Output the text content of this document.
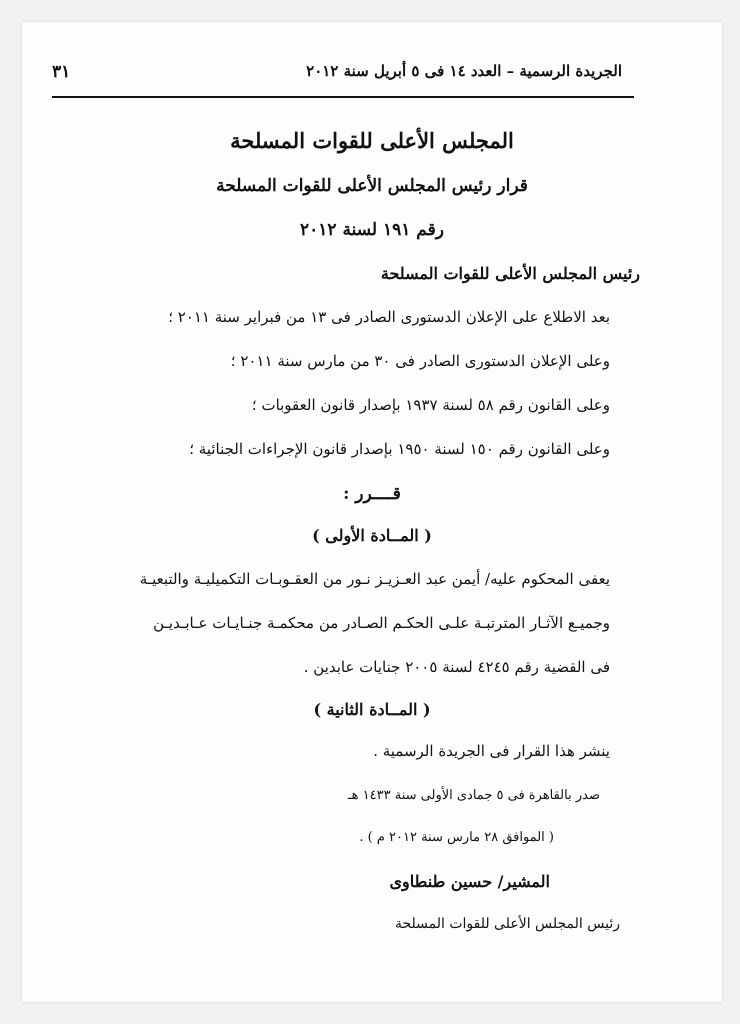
٣١	الجريدة الرسمية – العدد ١٤ فى ٥ أبريل سنة ٢٠١٢
المجلس الأعلى للقوات المسلحة
قرار رئيس المجلس الأعلى للقوات المسلحة
رقم ١٩١ لسنة ٢٠١٢
رئيس المجلس الأعلى للقوات المسلحة
بعد الاطلاع على الإعلان الدستورى الصادر فى ١٣ من فبراير سنة ٢٠١١ ؛
وعلى الإعلان الدستورى الصادر فى ٣٠ من مارس سنة ٢٠١١ ؛
وعلى القانون رقم ٥٨ لسنة ١٩٣٧ بإصدار قانون العقوبات ؛
وعلى القانون رقم ١٥٠ لسنة ١٩٥٠ بإصدار قانون الإجراءات الجنائية ؛
قــــرر :
( المــادة الأولى )
يعفى المحكوم عليه/ أيمن عبد العـزيـز نـور من العقـوبـات التكميليـة والتبعيـة
وجميـع الآثـار المترتبـة علـى الحكـم الصـادر من محكمـة جنـايـات عـابـديـن
فى القضية رقم ٤٢٤٥ لسنة ٢٠٠٥ جنايات عابدين .
( المــادة الثانية )
ينشر هذا القرار فى الجريدة الرسمية .
صدر بالقاهرة فى ٥ جمادى الأولى سنة ١٤٣٣ هـ
( الموافق ٢٨ مارس سنة ٢٠١٢ م ) .
المشير/ حسين طنطاوى
رئيس المجلس الأعلى للقوات المسلحة
